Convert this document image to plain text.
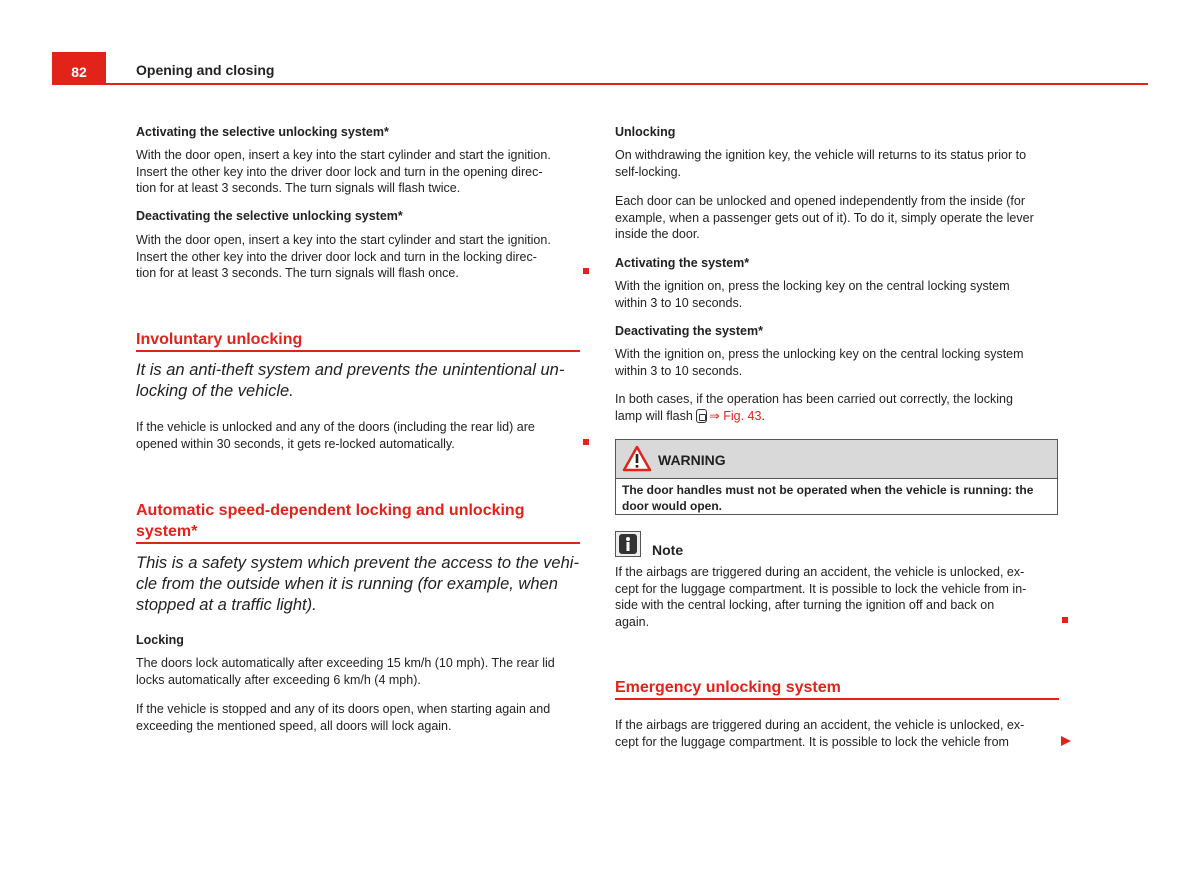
82	Opening and closing
Activating the selective unlocking system*
With the door open, insert a key into the start cylinder and start the ignition.
Insert the other key into the driver door lock and turn in the opening direc-
tion for at least 3 seconds. The turn signals will flash twice.
Deactivating the selective unlocking system*
With the door open, insert a key into the start cylinder and start the ignition.
Insert the other key into the driver door lock and turn in the locking direc-
tion for at least 3 seconds. The turn signals will flash once.
Involuntary unlocking
It is an anti-theft system and prevents the unintentional un-
locking of the vehicle.
If the vehicle is unlocked and any of the doors (including the rear lid) are
opened within 30 seconds, it gets re-locked automatically.
Automatic speed-dependent locking and unlocking
system*
This is a safety system which prevent the access to the vehi-
cle from the outside when it is running (for example, when
stopped at a traffic light).
Locking
The doors lock automatically after exceeding 15 km/h (10 mph). The rear lid
locks automatically after exceeding 6 km/h (4 mph).
If the vehicle is stopped and any of its doors open, when starting again and
exceeding the mentioned speed, all doors will lock again.
Unlocking
On withdrawing the ignition key, the vehicle will returns to its status prior to
self-locking.
Each door can be unlocked and opened independently from the inside (for
example, when a passenger gets out of it). To do it, simply operate the lever
inside the door.
Activating the system*
With the ignition on, press the locking key on the central locking system
within 3 to 10 seconds.
Deactivating the system*
With the ignition on, press the unlocking key on the central locking system
within 3 to 10 seconds.
In both cases, if the operation has been carried out correctly, the locking
lamp will flash ⇒ Fig. 43.
WARNING
The door handles must not be operated when the vehicle is running: the
door would open.
Note
If the airbags are triggered during an accident, the vehicle is unlocked, ex-
cept for the luggage compartment. It is possible to lock the vehicle from in-
side with the central locking, after turning the ignition off and back on
again.
Emergency unlocking system
If the airbags are triggered during an accident, the vehicle is unlocked, ex-
cept for the luggage compartment. It is possible to lock the vehicle from
